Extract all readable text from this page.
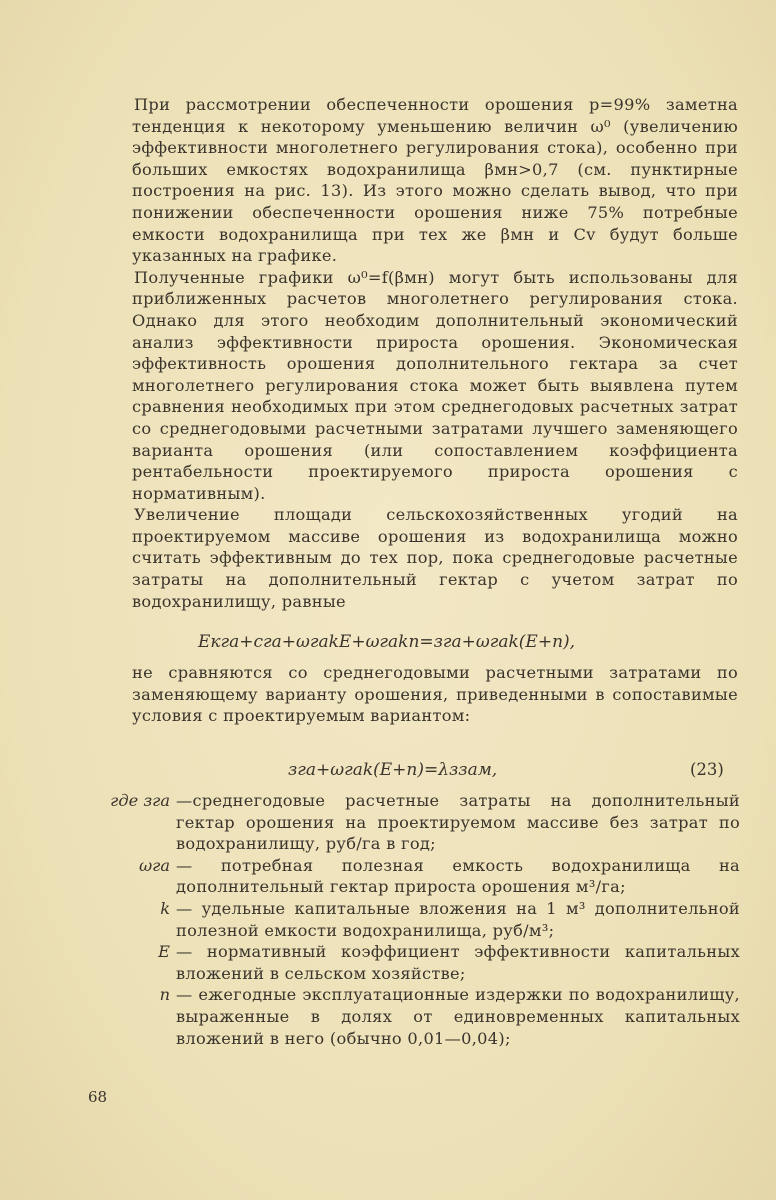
При рассмотрении обеспеченности орошения p=99% заметна тенденция к некоторому уменьшению величин ω⁰ (увеличению эффективности многолетнего регулирования стока), особенно при больших емкостях водохранилища βмн>0,7 (см. пунктирные построения на рис. 13). Из этого можно сделать вывод, что при понижении обеспеченности орошения ниже 75% потребные емкости водохранилища при тех же βмн и Cv будут больше указанных на графике.

Полученные графики ω⁰=f(βмн) могут быть использованы для приближенных расчетов многолетнего регулирования стока. Однако для этого необходим дополнительный экономический анализ эффективности прироста орошения. Экономическая эффективность орошения дополнительного гектара за счет многолетнего регулирования стока может быть выявлена путем сравнения необходимых при этом среднегодовых расчетных затрат со среднегодовыми расчетными затратами лучшего заменяющего варианта орошения (или сопоставлением коэффициента рентабельности проектируемого прироста орошения с нормативным).

Увеличение площади сельскохозяйственных угодий на проектируемом массиве орошения из водохранилища можно считать эффективным до тех пор, пока среднегодовые расчетные затраты на дополнительный гектар с учетом затрат по водохранилищу, равные

Eкга+cга+ωгаkE+ωгаkn=зга+ωгаk(E+n),

не сравняются со среднегодовыми расчетными затратами по заменяющему варианту орошения, приведенными в сопоставимые условия с проектируемым вариантом:

зга+ωгаk(E+n)=λззам,	(23)
где зга —среднегодовые расчетные затраты на дополнительный гектар орошения на проектируемом массиве без затрат по водохранилищу, руб/га в год;
ωга — потребная полезная емкость водохранилища на дополнительный гектар прироста орошения м³/га;
k — удельные капитальные вложения на 1 м³ дополнительной полезной емкости водохранилища, руб/м³;
E — нормативный коэффициент эффективности капитальных вложений в сельском хозяйстве;
n — ежегодные эксплуатационные издержки по водохранилищу, выраженные в долях от единовременных капитальных вложений в него (обычно 0,01—0,04);
68
